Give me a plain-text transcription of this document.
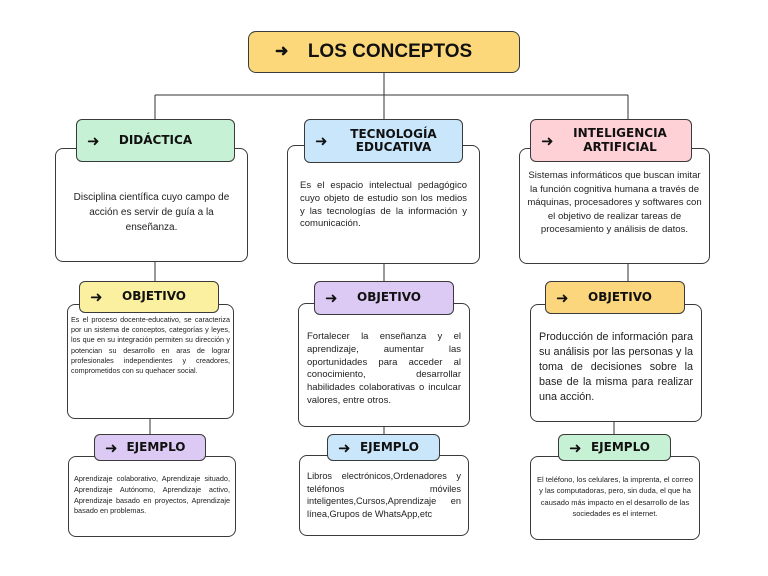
➜	LOS CONCEPTOS
Disciplina científica cuyo campo de acción es servir de guía a la enseñanza.
➜ DIDÁCTICA
Es el proceso docente-educativo, se caracteriza por un sistema de conceptos, categorías y leyes, los que en su integración permiten su dirección y potencian su desarrollo en aras de lograr profesionales independientes y creadores, comprometidos con su quehacer social.
➜	OBJETIVO
Aprendizaje colaborativo, Aprendizaje situado, Aprendizaje Autónomo, Aprendizaje activo, Aprendizaje basado en proyectos, Aprendizaje basado en problemas.
➜ EJEMPLO
Es el espacio intelectual pedagógico cuyo objeto de estudio son los medios y las tecnologías de la información y comunicación.
➜	TECNOLOGÍA
EDUCATIVA
Fortalecer la enseñanza y el aprendizaje, aumentar las oportunidades para acceder al conocimiento, desarrollar habilidades colaborativas o inculcar valores, entre otros.
➜	OBJETIVO
Libros electrónicos,Ordenadores y teléfonos móviles inteligentes,Cursos,Aprendizaje en línea,Grupos de WhatsApp,etc
➜ EJEMPLO
Sistemas informáticos que buscan imitar la función cognitiva humana a través de máquinas, procesadores y softwares con el objetivo de realizar tareas de procesamiento y análisis de datos.
➜	INTELIGENCIA
ARTIFICIAL
Producción de información para su análisis por las personas y la toma de decisiones sobre la base de la misma para realizar una acción.
➜	OBJETIVO
El teléfono, los celulares, la imprenta, el correo y las computadoras, pero, sin duda, el que ha causado más impacto en el desarrollo de las sociedades es el internet.
➜ EJEMPLO
